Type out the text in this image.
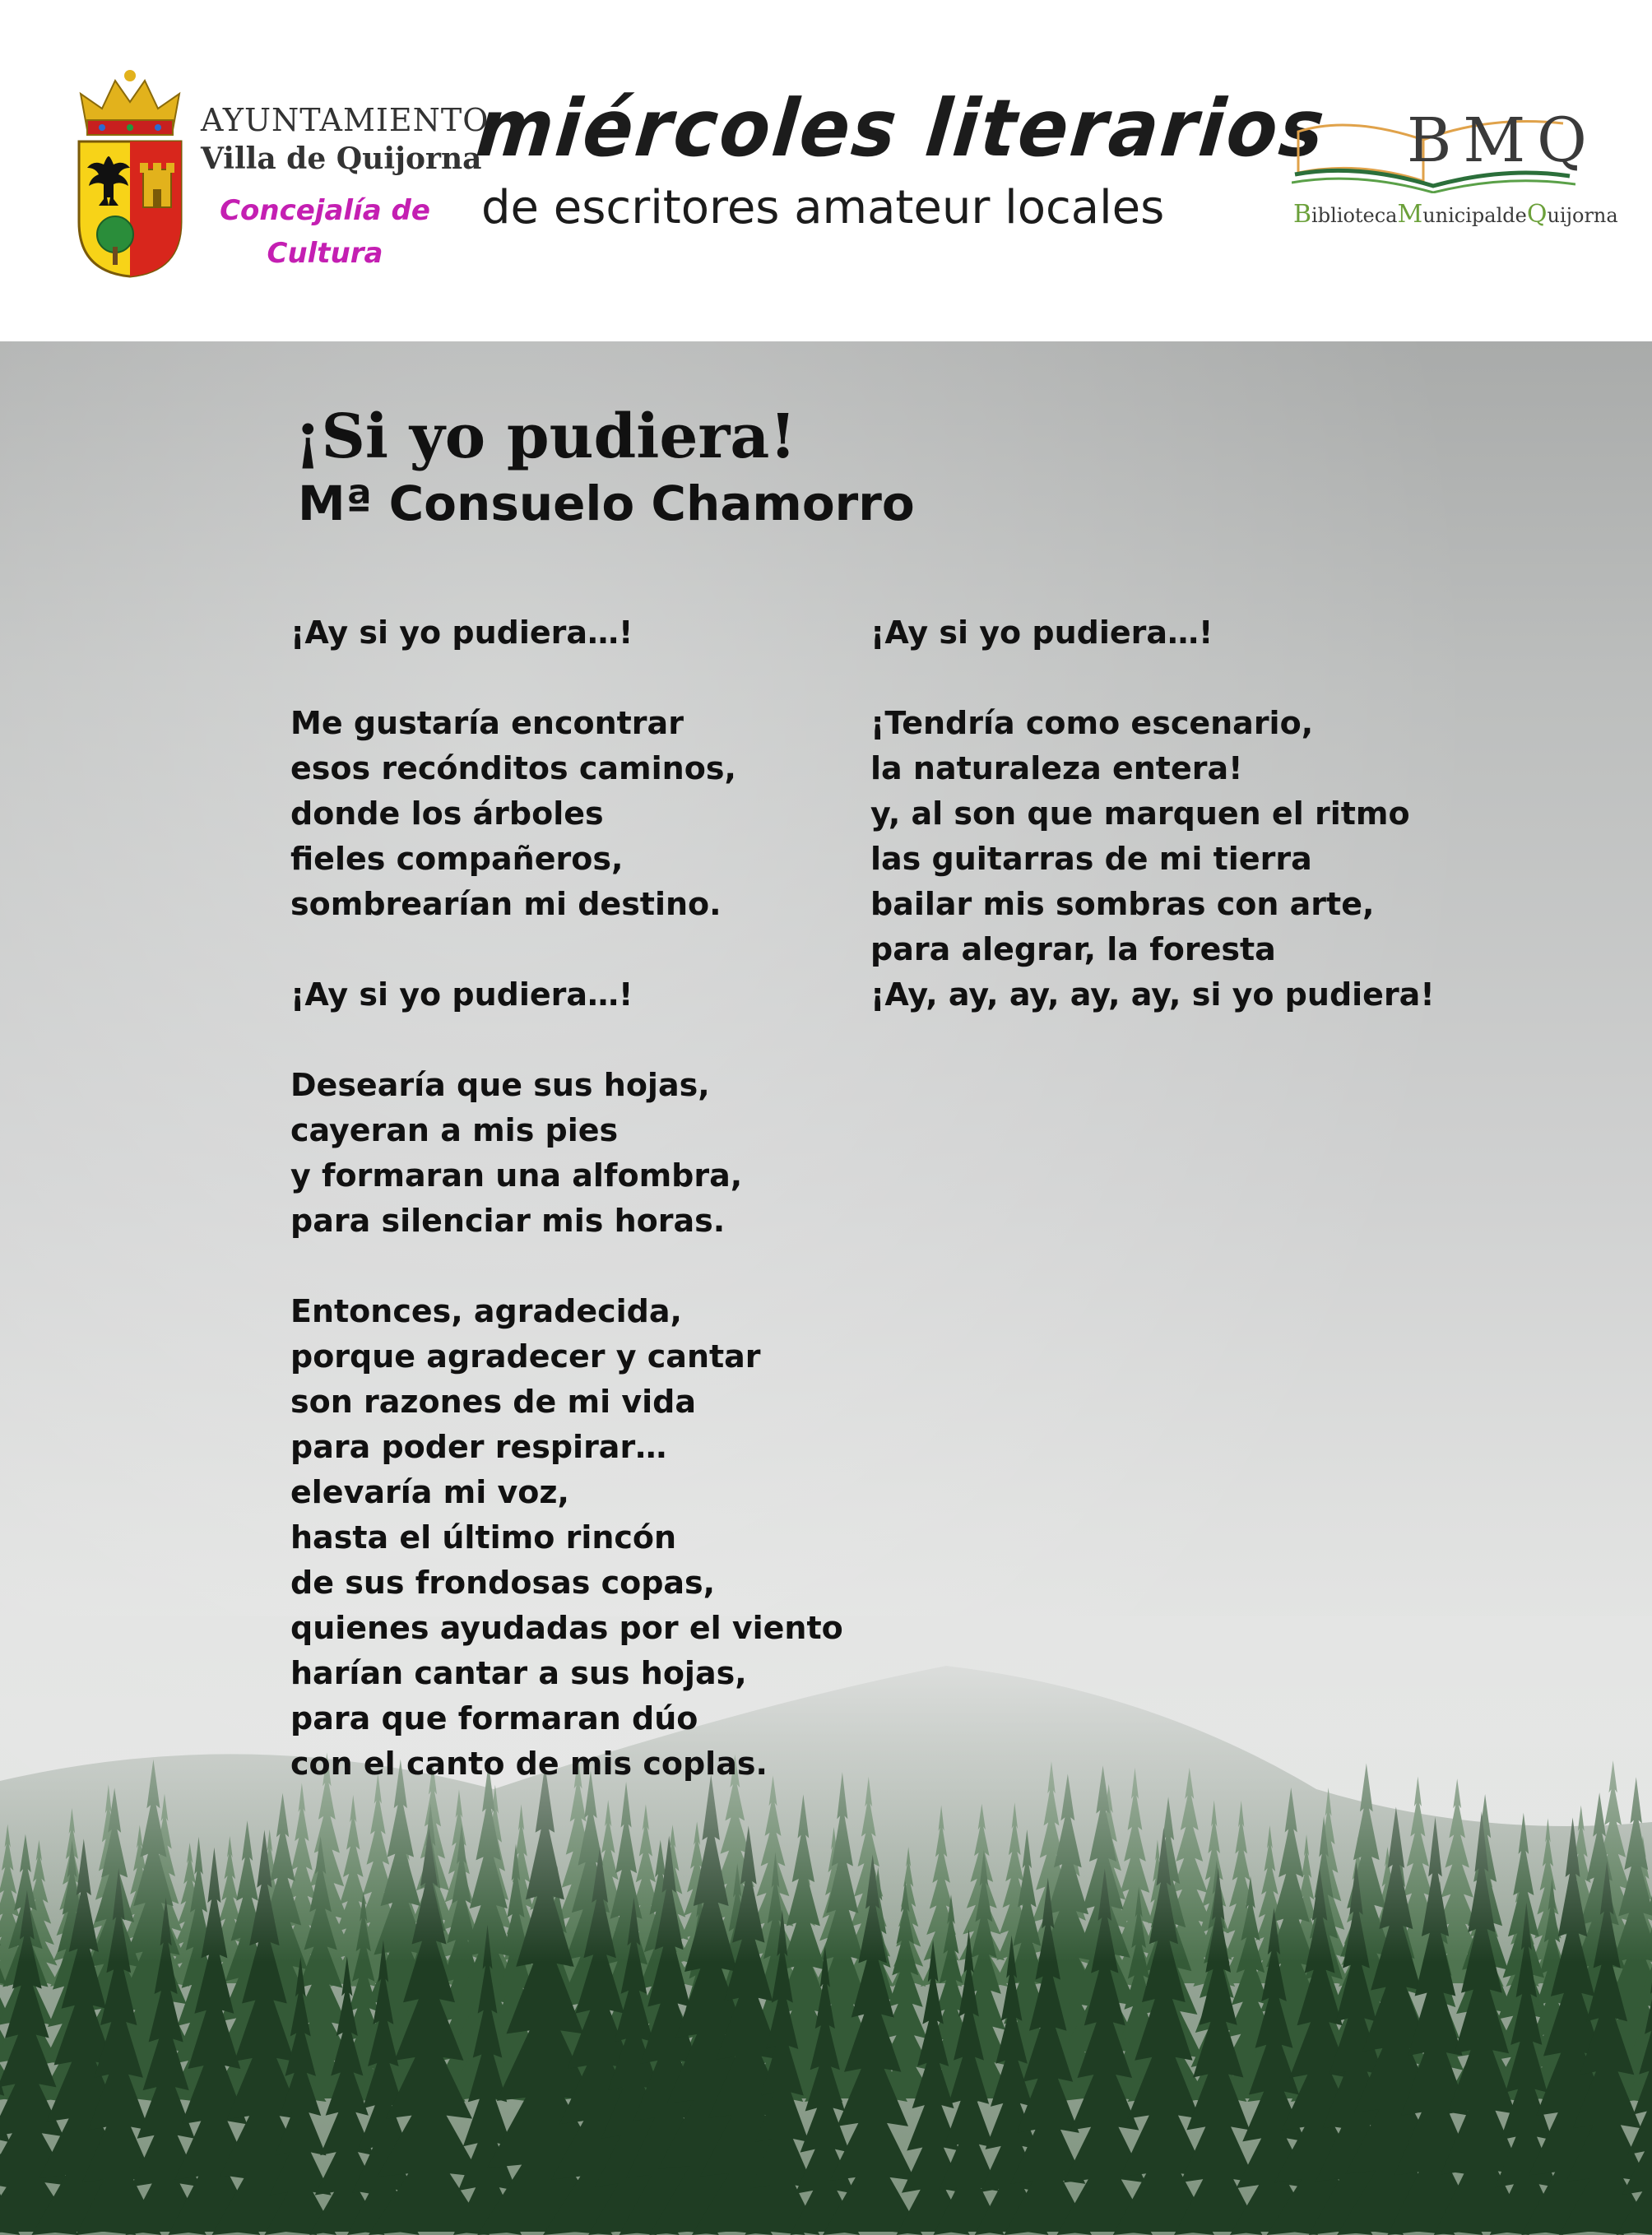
AYUNTAMIENTO
Villa de Quijorna
Concejalía de Cultura
miércoles literarios
de escritores amateur locales
BMQ
BibliotecaMunicipaldeQuijorna
¡Si yo pudiera!
Mª Consuelo Chamorro
¡Ay si yo pudiera…!
Me gustaría encontrar
esos recónditos caminos,
donde los árboles
fieles compañeros,
sombrearían mi destino.
¡Ay si yo pudiera…!
Desearía que sus hojas,
cayeran a mis pies
y formaran una alfombra,
para silenciar mis horas.
Entonces, agradecida,
porque agradecer y cantar
son razones de mi vida
para poder respirar…
elevaría mi voz,
hasta el último rincón
de sus frondosas copas,
quienes ayudadas por el viento
harían cantar a sus hojas,
para que formaran dúo
con el canto de mis coplas.
¡Ay si yo pudiera…!
¡Tendría como escenario,
la naturaleza entera!
y, al son que marquen el ritmo
las guitarras de mi tierra
bailar mis sombras con arte,
para alegrar, la foresta
¡Ay, ay, ay, ay, ay, si yo pudiera!
